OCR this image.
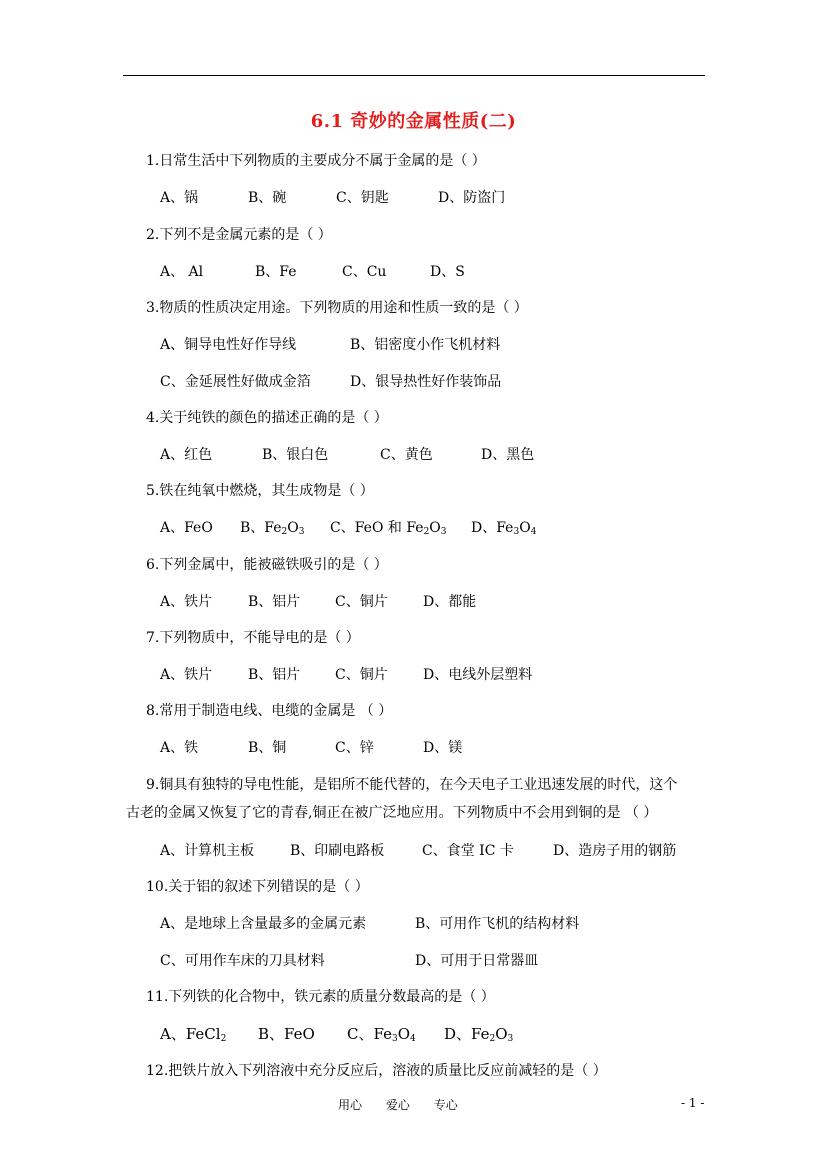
6.1 奇妙的金属性质(二)
1.日常生活中下列物质的主要成分不属于金属的是（ ）
A、锅	B、碗	C、钥匙	D、防盗门
2.下列不是金属元素的是（ ）
A、 Al	B、Fe	C、Cu	D、S
3.物质的性质决定用途。下列物质的用途和性质一致的是（ ）
A、铜导电性好作导线	B、铝密度小作飞机材料
C、金延展性好做成金箔	D、银导热性好作装饰品
4.关于纯铁的颜色的描述正确的是（ ）
A、红色	B、银白色	C、黄色	D、黑色
5.铁在纯氧中燃烧，其生成物是（ ）
A、FeO B、$Fe_2O_3$ C、FeO 和 $Fe_2O_3$ D、$Fe_3O_4$
6.下列金属中，能被磁铁吸引的是（ ）
A、铁片	B、铝片 C、铜片	D、都能
7.下列物质中，不能导电的是（ ）
A、铁片	B、铝片 C、铜片	D、电线外层塑料
8.常用于制造电线、电缆的金属是 （ ）
A、铁	B、铜	C、锌	D、镁
9.铜具有独特的导电性能，是铝所不能代替的，在今天电子工业迅速发展的时代，这个
古老的金属又恢复了它的青春,铜正在被广泛地应用。下列物质中不会用到铜的是 （ ）
A、计算机主板	B、印刷电路板	C、食堂 IC 卡	D、造房子用的钢筋
10.关于铝的叙述下列错误的是（ ）
A、是地球上含量最多的金属元素	B、可用作飞机的结构材料
C、可用作车床的刀具材料	D、可用于日常器皿
11.下列铁的化合物中，铁元素的质量分数最高的是（ ）
A、FeCl$_2$ B、FeO C、$Fe_3O_4$ D、$Fe_2O_3$
12.把铁片放入下列溶液中充分反应后，溶液的质量比反应前减轻的是（ ）
用心 爱心 专心	- 1 -
